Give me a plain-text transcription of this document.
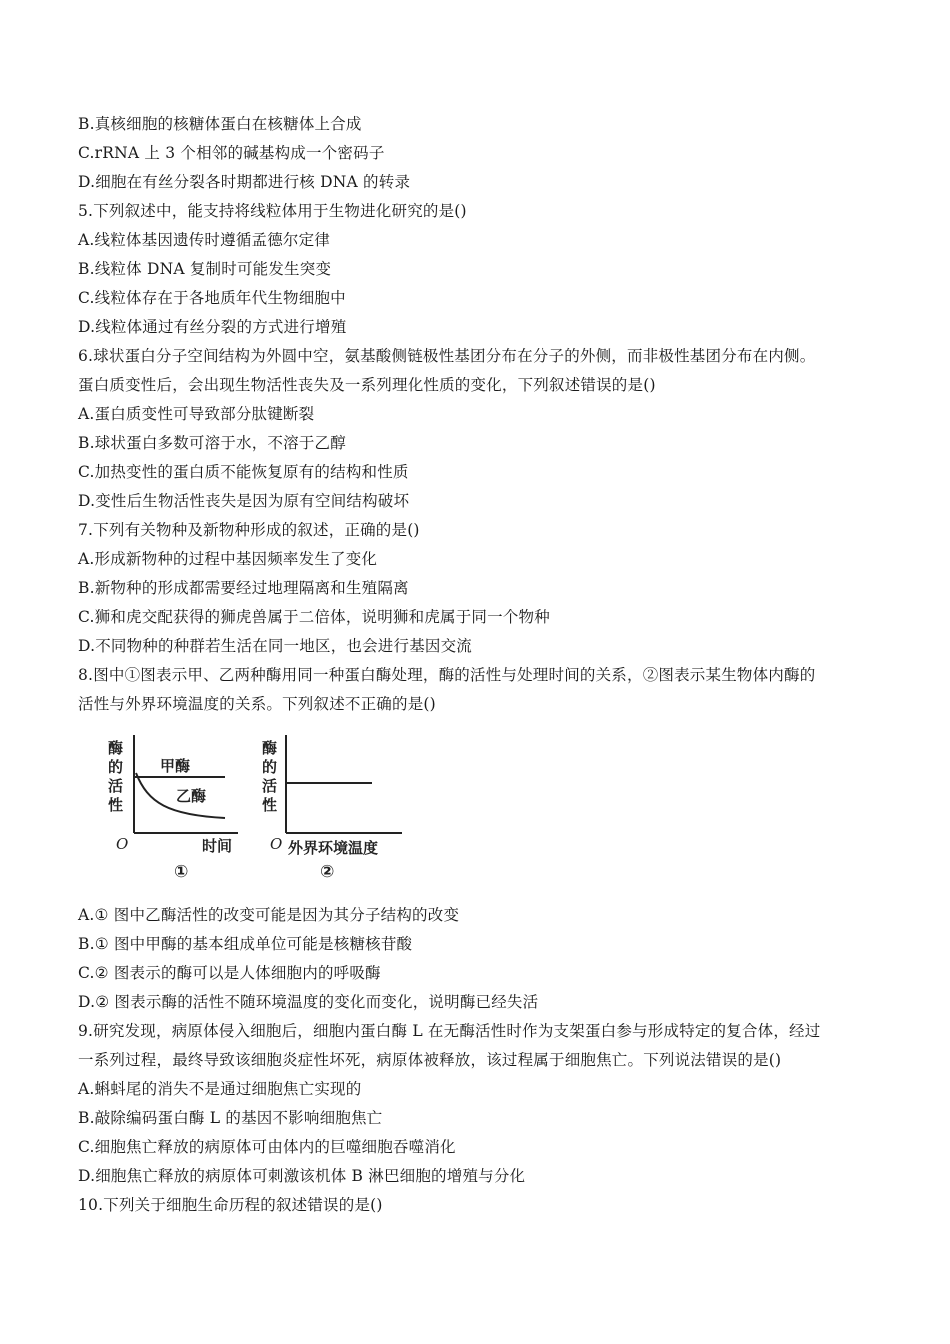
B.真核细胞的核糖体蛋白在核糖体上合成
C.rRNA 上 3 个相邻的碱基构成一个密码子
D.细胞在有丝分裂各时期都进行核 DNA 的转录
5.下列叙述中，能支持将线粒体用于生物进化研究的是()
A.线粒体基因遗传时遵循孟德尔定律
B.线粒体 DNA 复制时可能发生突变
C.线粒体存在于各地质年代生物细胞中
D.线粒体通过有丝分裂的方式进行增殖
6.球状蛋白分子空间结构为外圆中空，氨基酸侧链极性基团分布在分子的外侧，而非极性基团分布在内侧。
蛋白质变性后，会出现生物活性丧失及一系列理化性质的变化，下列叙述错误的是()
A.蛋白质变性可导致部分肽键断裂
B.球状蛋白多数可溶于水，不溶于乙醇
C.加热变性的蛋白质不能恢复原有的结构和性质
D.变性后生物活性丧失是因为原有空间结构破坏
7.下列有关物种及新物种形成的叙述，正确的是()
A.形成新物种的过程中基因频率发生了变化
B.新物种的形成都需要经过地理隔离和生殖隔离
C.狮和虎交配获得的狮虎兽属于二倍体，说明狮和虎属于同一个物种
D.不同物种的种群若生活在同一地区，也会进行基因交流
8.图中①图表示甲、乙两种酶用同一种蛋白酶处理，酶的活性与处理时间的关系，②图表示某生物体内酶的
活性与外界环境温度的关系。下列叙述不正确的是()
酶
的
活
性
甲酶
乙酶
O	时间
①
酶
的
活
性
O 外界环境温度
②
A.① 图中乙酶活性的改变可能是因为其分子结构的改变
B.① 图中甲酶的基本组成单位可能是核糖核苷酸
C.② 图表示的酶可以是人体细胞内的呼吸酶
D.② 图表示酶的活性不随环境温度的变化而变化，说明酶已经失活
9.研究发现，病原体侵入细胞后，细胞内蛋白酶 L 在无酶活性时作为支架蛋白参与形成特定的复合体，经过
一系列过程，最终导致该细胞炎症性坏死，病原体被释放，该过程属于细胞焦亡。下列说法错误的是()
A.蝌蚪尾的消失不是通过细胞焦亡实现的
B.敲除编码蛋白酶 L 的基因不影响细胞焦亡
C.细胞焦亡释放的病原体可由体内的巨噬细胞吞噬消化
D.细胞焦亡释放的病原体可刺激该机体 B 淋巴细胞的增殖与分化
10.下列关于细胞生命历程的叙述错误的是()
